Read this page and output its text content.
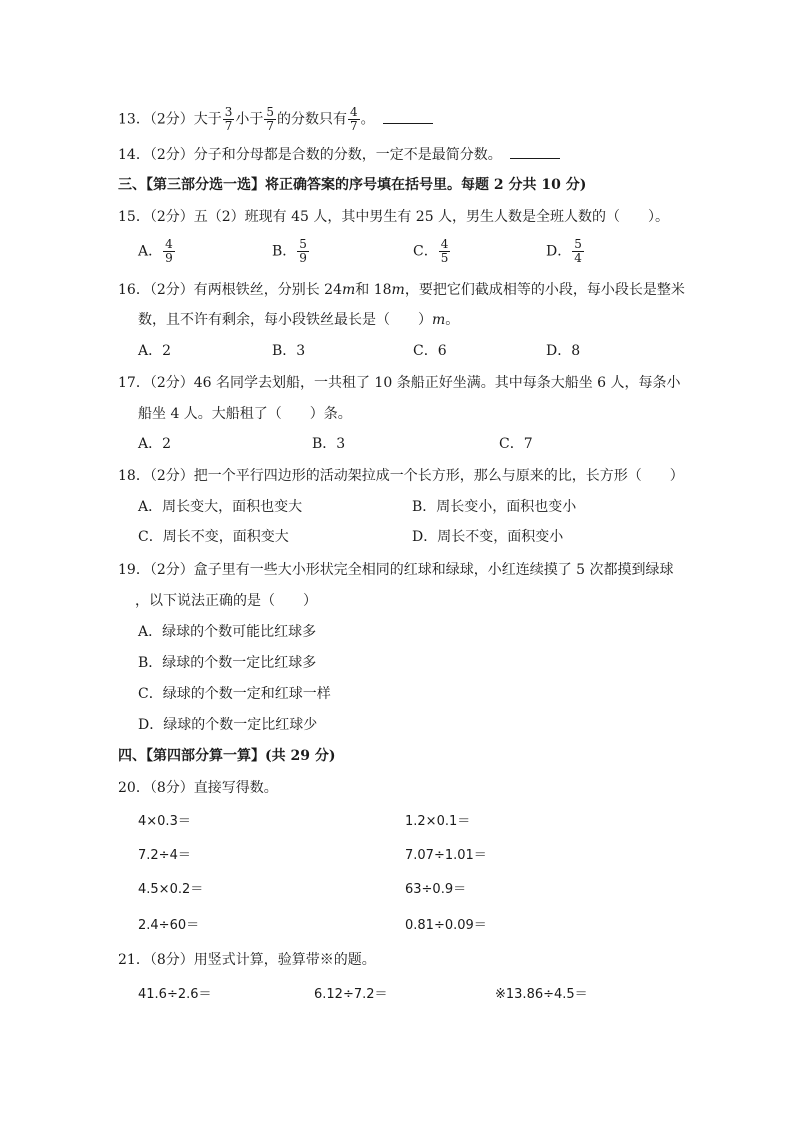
13．（2分）大于 $\frac{3}{7}$ 小于 $\frac{5}{7}$ 的分数只有 $\frac{4}{7}$ 。
14．（2分）分子和分母都是合数的分数，一定不是最简分数。
三、【第三部分选一选】将正确答案的序号填在括号里。每题 2 分共 10 分)
15．（2分）五（2）班现有 45 人，其中男生有 25 人，男生人数是全班人数的（　　）。
A． $\frac{4}{9}$	B． $\frac{5}{9}$	C． $\frac{4}{5}$	D． $\frac{5}{4}$
16．（2分）有两根铁丝，分别长 24m和 18m，要把它们截成相等的小段，每小段长是整米
数，且不许有剩余，每小段铁丝最长是（　　）m。
A．2	B．3	C．6	D．8
17．（2分）46 名同学去划船，一共租了 10 条船正好坐满。其中每条大船坐 6 人，每条小
船坐 4 人。大船租了（　　）条。
A．2	B．3	C．7
18．（2分）把一个平行四边形的活动架拉成一个长方形，那么与原来的比，长方形（　　）
A．周长变大，面积也变大	B．周长变小，面积也变小
C．周长不变，面积变大	D．周长不变，面积变小
19．（2分）盒子里有一些大小形状完全相同的红球和绿球，小红连续摸了 5 次都摸到绿球
，以下说法正确的是（　　）
A．绿球的个数可能比红球多
B．绿球的个数一定比红球多
C．绿球的个数一定和红球一样
D．绿球的个数一定比红球少
四、【第四部分算一算】(共 29 分)
20．（8分）直接写得数。
4×0.3＝	1.2×0.1＝
7.2÷4＝	7.07÷1.01＝
4.5×0.2＝	63÷0.9＝
2.4÷60＝	0.81÷0.09＝
21．（8分）用竖式计算，验算带※的题。
41.6÷2.6＝	6.12÷7.2＝	※13.86÷4.5＝
